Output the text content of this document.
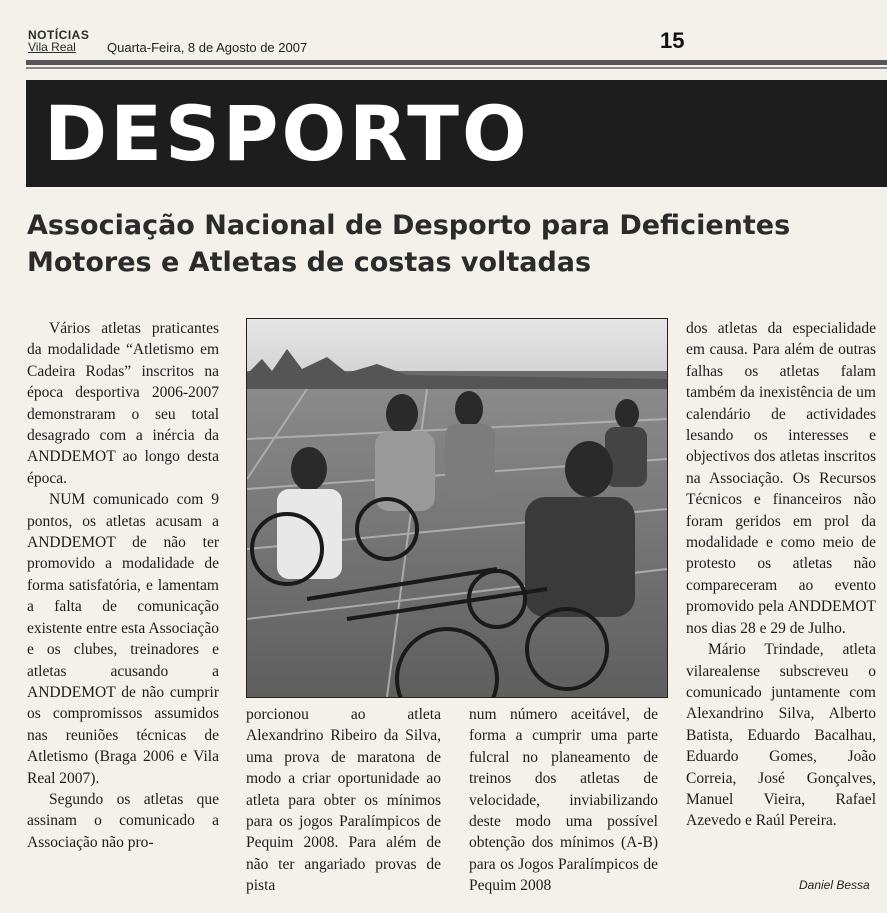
NOTÍCIAS
Vila Real	Quarta-Feira, 8 de Agosto de 2007	15
DESPORTO
Associação Nacional de Desporto para Deficientes
Motores e Atletas de costas voltadas

Vários atletas praticantes da modalidade “Atletismo em Cadeira Rodas” inscritos na época desportiva 2006-2007 demonstraram o seu total desagrado com a inércia da ANDDEMOT ao longo desta época.

NUM comunicado com 9 pontos, os atletas acusam a ANDDEMOT de não ter promovido a modalidade de forma satisfatória, e lamentam a falta de comunicação existente entre esta Associação e os clubes, treinadores e atletas acusando a ANDDEMOT de não cumprir os compromissos assumidos nas reuniões técnicas de Atletismo (Braga 2006 e Vila Real 2007).

Segundo os atletas que assinam o comunicado a Associação não pro-

porcionou ao atleta Alexandrino Ribeiro da Silva, uma prova de maratona de modo a criar oportunidade ao atleta para obter os mínimos para os jogos Paralímpicos de Pequim 2008. Para além de não ter angariado provas de pista
num número aceitável, de forma a cumprir uma parte fulcral no planeamento de treinos dos atletas de velocidade, inviabilizando deste modo uma possível obtenção dos mínimos (A-B) para os Jogos Paralímpicos de Pequim 2008

dos atletas da especialidade em causa. Para além de outras falhas os atletas falam também da inexistência de um calendário de actividades lesando os interesses e objectivos dos atletas inscritos na Associação. Os Recursos Técnicos e financeiros não foram geridos em prol da modalidade e como meio de protesto os atletas não compareceram ao evento promovido pela ANDDEMOT nos dias 28 e 29 de Julho.

Mário Trindade, atleta vilarealense subscreveu o comunicado juntamente com Alexandrino Silva, Alberto Batista, Eduardo Bacalhau, Eduardo Gomes, João Correia, José Gonçalves, Manuel Vieira, Rafael Azevedo e Raúl Pereira.

Daniel Bessa
